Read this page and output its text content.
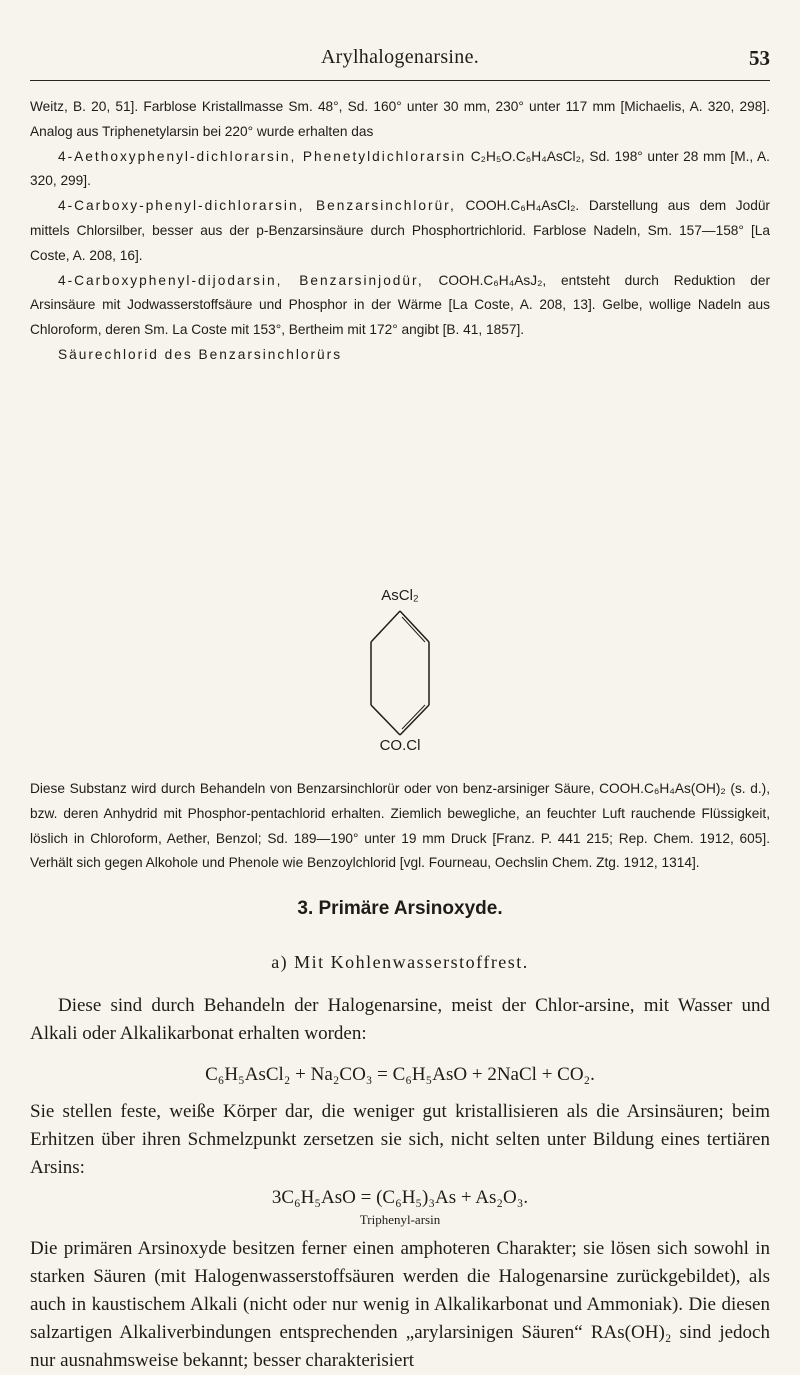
Arylhalogenarsine.	53

Weitz, B. 20, 51]. Farblose Kristallmasse Sm. 48°, Sd. 160° unter 30 mm, 230° unter 117 mm [Michaelis, A. 320, 298]. Analog aus Triphenetylarsin bei 220° wurde erhalten das

4-Aethoxyphenyl-dichlorarsin, Phenetyldichlorarsin C₂H₅O.C₆H₄AsCl₂, Sd. 198° unter 28 mm [M., A. 320, 299].

4-Carboxy-phenyl-dichlorarsin, Benzarsinchlorür, COOH.C₆H₄AsCl₂. Darstellung aus dem Jodür mittels Chlorsilber, besser aus der p-Benzarsinsäure durch Phosphortrichlorid. Farblose Nadeln, Sm. 157—158° [La Coste, A. 208, 16].

4-Carboxyphenyl-dijodarsin, Benzarsinjodür, COOH.C₆H₄AsJ₂, entsteht durch Reduktion der Arsinsäure mit Jodwasserstoffsäure und Phosphor in der Wärme [La Coste, A. 208, 13]. Gelbe, wollige Nadeln aus Chloroform, deren Sm. La Coste mit 153°, Bertheim mit 172° angibt [B. 41, 1857].

Säurechlorid des Benzarsinchlorürs

AsCl₂
CO.Cl

Diese Substanz wird durch Behandeln von Benzarsinchlorür oder von benz-arsiniger Säure, COOH.C₆H₄As(OH)₂ (s. d.), bzw. deren Anhydrid mit Phosphor-pentachlorid erhalten. Ziemlich bewegliche, an feuchter Luft rauchende Flüssigkeit, löslich in Chloroform, Aether, Benzol; Sd. 189—190° unter 19 mm Druck [Franz. P. 441 215; Rep. Chem. 1912, 605]. Verhält sich gegen Alkohole und Phenole wie Benzoylchlorid [vgl. Fourneau, Oechslin Chem. Ztg. 1912, 1314].

3. Primäre Arsinoxyde.
a) Mit Kohlenwasserstoffrest.

Diese sind durch Behandeln der Halogenarsine, meist der Chlor-arsine, mit Wasser und Alkali oder Alkalikarbonat erhalten worden:

C₆H₅AsCl₂ + Na₂CO₃ = C₆H₅AsO + 2NaCl + CO₂.

Sie stellen feste, weiße Körper dar, die weniger gut kristallisieren als die Arsinsäuren; beim Erhitzen über ihren Schmelzpunkt zersetzen sie sich, nicht selten unter Bildung eines tertiären Arsins:

3C₆H₅AsO = (C₆H₅)₃As + As₂O₃.
Triphenyl-arsin

Die primären Arsinoxyde besitzen ferner einen amphoteren Charakter; sie lösen sich sowohl in starken Säuren (mit Halogenwasserstoffsäuren werden die Halogenarsine zurückgebildet), als auch in kaustischem Alkali (nicht oder nur wenig in Alkalikarbonat und Ammoniak). Die diesen salzartigen Alkaliverbindungen entsprechenden „arylarsinigen Säuren“ RAs(OH)₂ sind jedoch nur ausnahmsweise bekannt; besser charakterisiert
